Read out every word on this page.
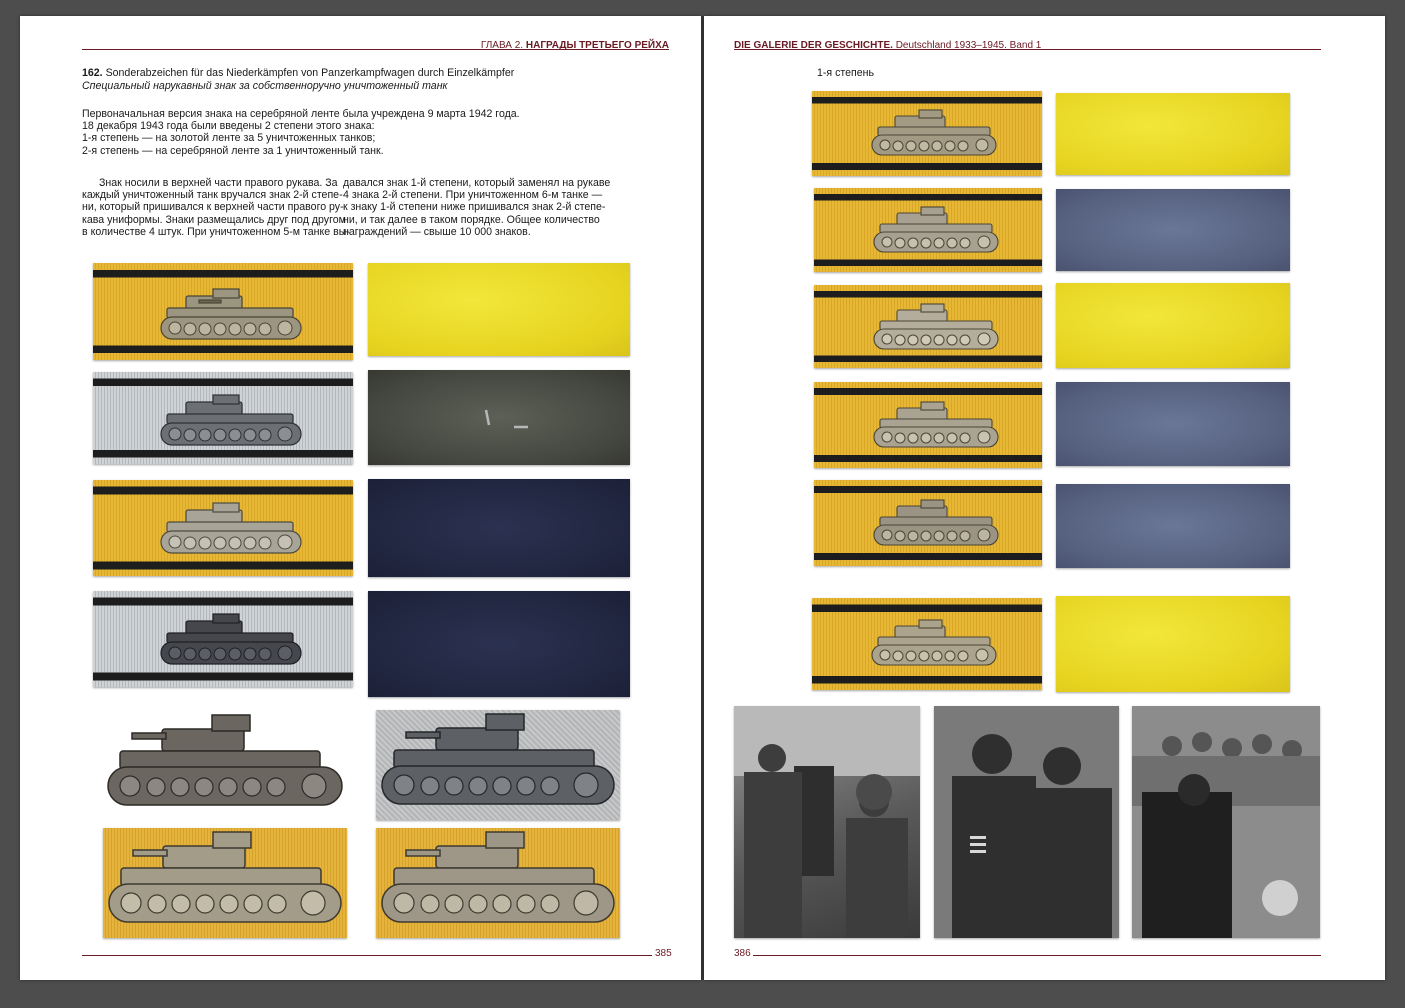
ГЛАВА 2. НАГРАДЫ ТРЕТЬЕГО РЕЙХА
162. Sonderabzeichen für das Niederkämpfen von Panzerkampfwagen durch Einzelkämpfer
Специальный нарукавный знак за собственноручно уничтоженный танк
Первоначальная версия знака на серебряной ленте была учреждена 9 марта 1942 года.
18 декабря 1943 года были введены 2 степени этого знака:
1-я степень — на золотой ленте за 5 уничтоженных танков;
2-я степень — на серебряной ленте за 1 уничтоженный танк.
Знак носили в верхней части правого рукава. За
каждый уничтоженный танк вручался знак 2-й степе-
ни, который пришивался к верхней части правого ру-
кава униформы. Знаки размещались друг под другом
в количестве 4 штук. При уничтоженном 5-м танке вы-
давался знак 1-й степени, который заменял на рукаве
4 знака 2-й степени. При уничтоженном 6-м танке —
к знаку 1-й степени ниже пришивался знак 2-й степе-
ни, и так далее в таком порядке. Общее количество
награждений — свыше 10 000 знаков.
385
DIE GALERIE DER GESCHICHTE. Deutschland 1933–1945. Band 1
1-я степень
386
